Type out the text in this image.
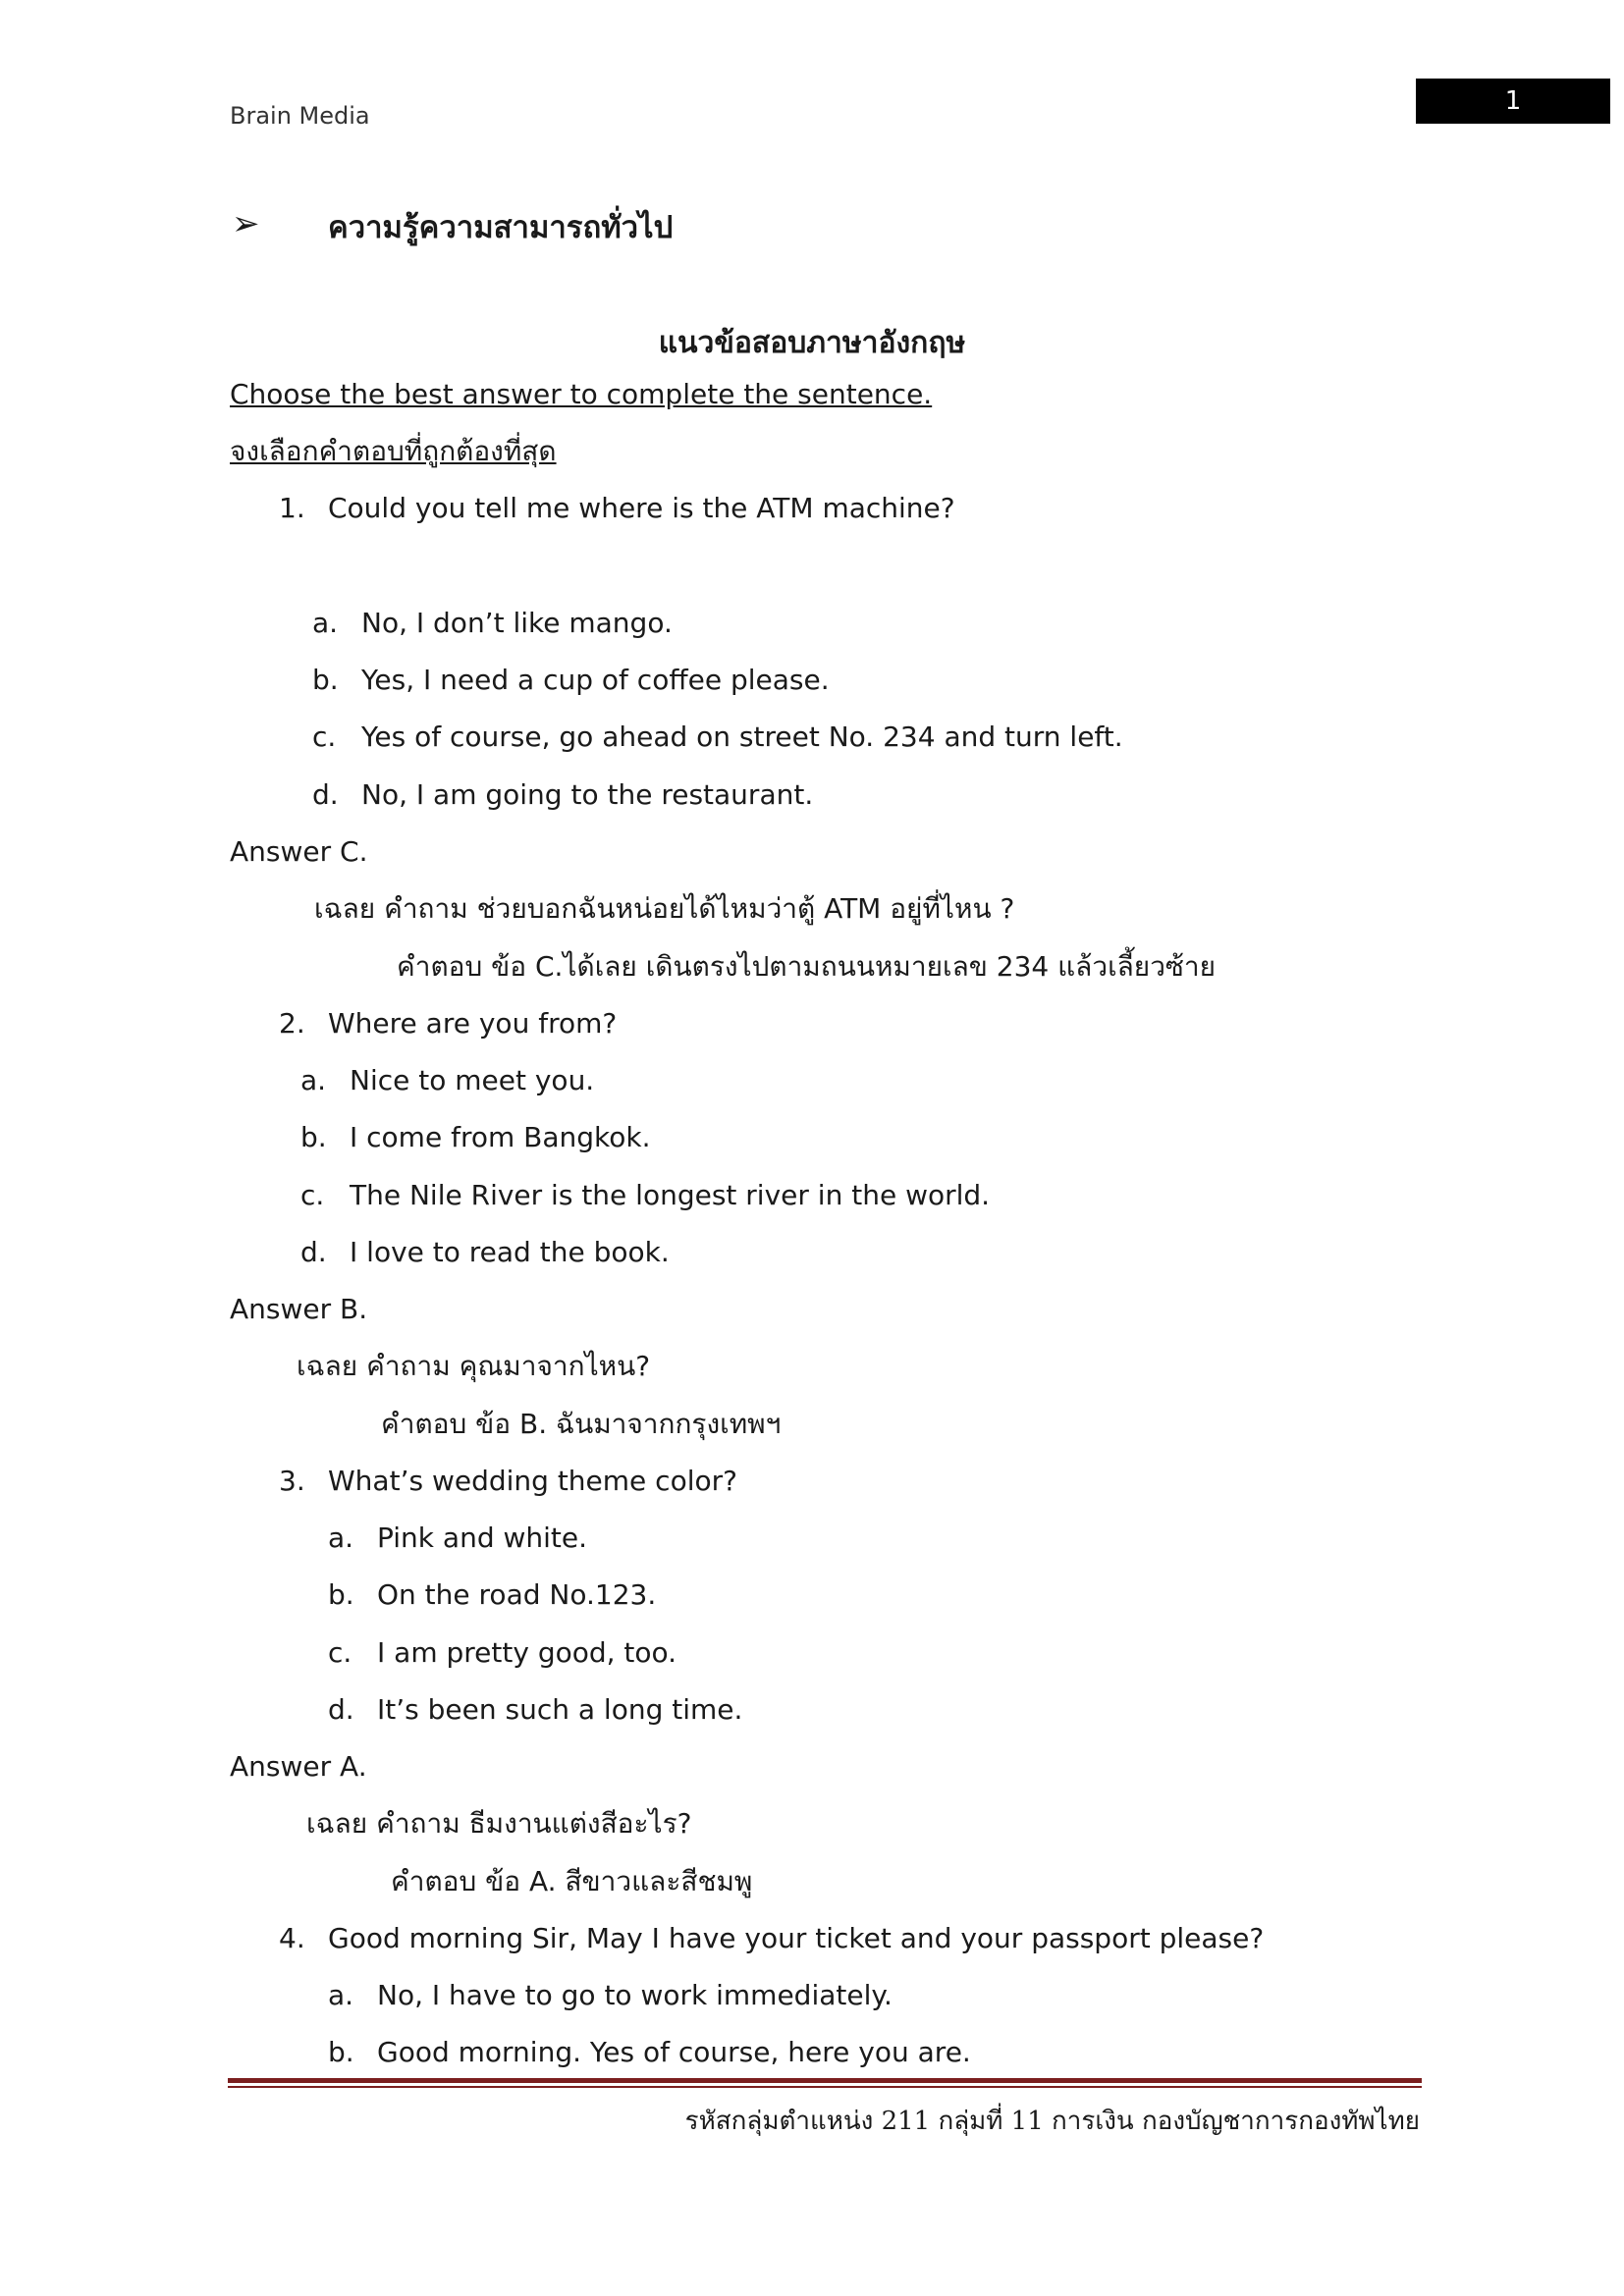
Brain Media	1
➢ ความรู้ความสามารถทั่วไป
แนวข้อสอบภาษาอังกฤษ
Choose the best answer to complete the sentence.
จงเลือกคำตอบที่ถูกต้องที่สุด
1. Could you tell me where is the ATM machine?
a. No, I don’t like mango.
b. Yes, I need a cup of coffee please.
c. Yes of course, go ahead on street No. 234 and turn left.
d. No, I am going to the restaurant.
Answer C.
เฉลย คำถาม ช่วยบอกฉันหน่อยได้ไหมว่าตู้ ATM อยู่ที่ไหน ?
คำตอบ ข้อ C.ได้เลย เดินตรงไปตามถนนหมายเลข 234 แล้วเลี้ยวซ้าย
2. Where are you from?
a. Nice to meet you.
b. I come from Bangkok.
c. The Nile River is the longest river in the world.
d. I love to read the book.
Answer B.
เฉลย คำถาม คุณมาจากไหน?
คำตอบ ข้อ B. ฉันมาจากกรุงเทพฯ
3. What’s wedding theme color?
a. Pink and white.
b. On the road No.123.
c. I am pretty good, too.
d. It’s been such a long time.
Answer A.
เฉลย คำถาม ธีมงานแต่งสีอะไร?
คำตอบ ข้อ A. สีขาวและสีชมพู
4. Good morning Sir, May I have your ticket and your passport please?
a. No, I have to go to work immediately.
b. Good morning. Yes of course, here you are.
รหัสกลุ่มตำแหน่ง 211 กลุ่มที่ 11 การเงิน กองบัญชาการกองทัพไทย
